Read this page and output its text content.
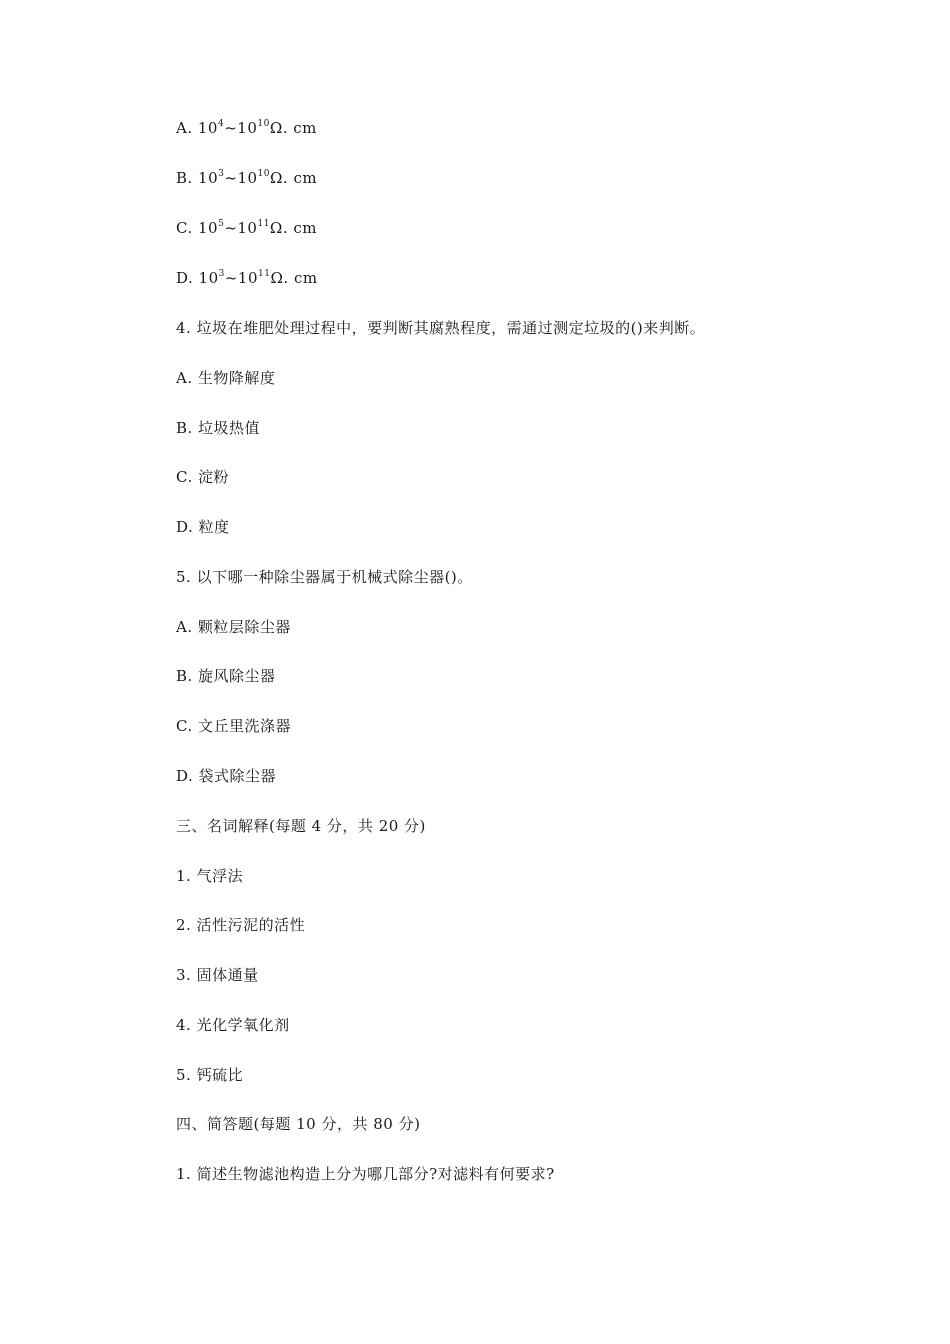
A. $10^4\sim 10^{10}\Omega$. cm
B. $10^3\sim 10^{10}\Omega$. cm
C. $10^5\sim 10^{11}\Omega$. cm
D. $10^3\sim 10^{11}\Omega$. cm
4. 垃圾在堆肥处理过程中，要判断其腐熟程度，需通过测定垃圾的()来判断。
A. 生物降解度
B. 垃圾热值
C. 淀粉
D. 粒度
5. 以下哪一种除尘器属于机械式除尘器()。
A. 颗粒层除尘器
B. 旋风除尘器
C. 文丘里洗涤器
D. 袋式除尘器
三、名词解释(每题 4 分，共 20 分)
1. 气浮法
2. 活性污泥的活性
3. 固体通量
4. 光化学氧化剂
5. 钙硫比
四、简答题(每题 10 分，共 80 分)
1. 简述生物滤池构造上分为哪几部分?对滤料有何要求?
